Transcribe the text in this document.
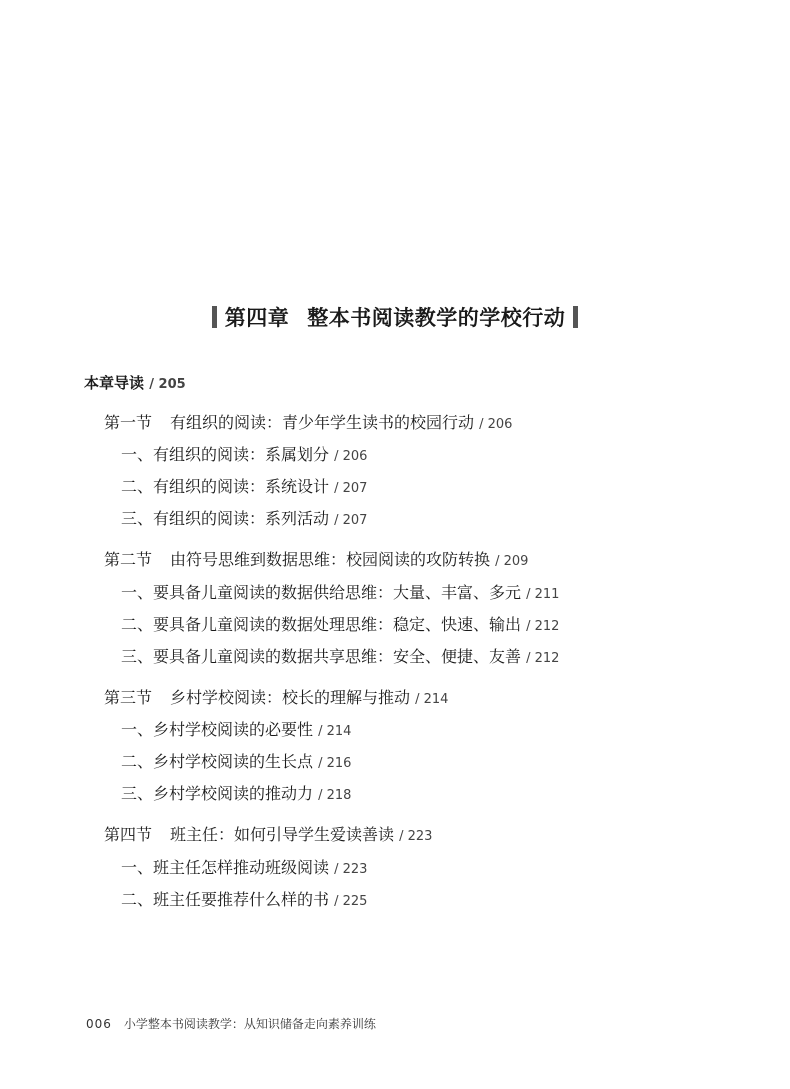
第四章 整本书阅读教学的学校行动
本章导读 / 205
第一节 有组织的阅读：青少年学生读书的校园行动 / 206
一、有组织的阅读：系属划分 / 206
二、有组织的阅读：系统设计 / 207
三、有组织的阅读：系列活动 / 207
第二节 由符号思维到数据思维：校园阅读的攻防转换 / 209
一、要具备儿童阅读的数据供给思维：大量、丰富、多元 / 211
二、要具备儿童阅读的数据处理思维：稳定、快速、输出 / 212
三、要具备儿童阅读的数据共享思维：安全、便捷、友善 / 212
第三节 乡村学校阅读：校长的理解与推动 / 214
一、乡村学校阅读的必要性 / 214
二、乡村学校阅读的生长点 / 216
三、乡村学校阅读的推动力 / 218
第四节 班主任：如何引导学生爱读善读 / 223
一、班主任怎样推动班级阅读 / 223
二、班主任要推荐什么样的书 / 225
006 小学整本书阅读教学：从知识储备走向素养训练
